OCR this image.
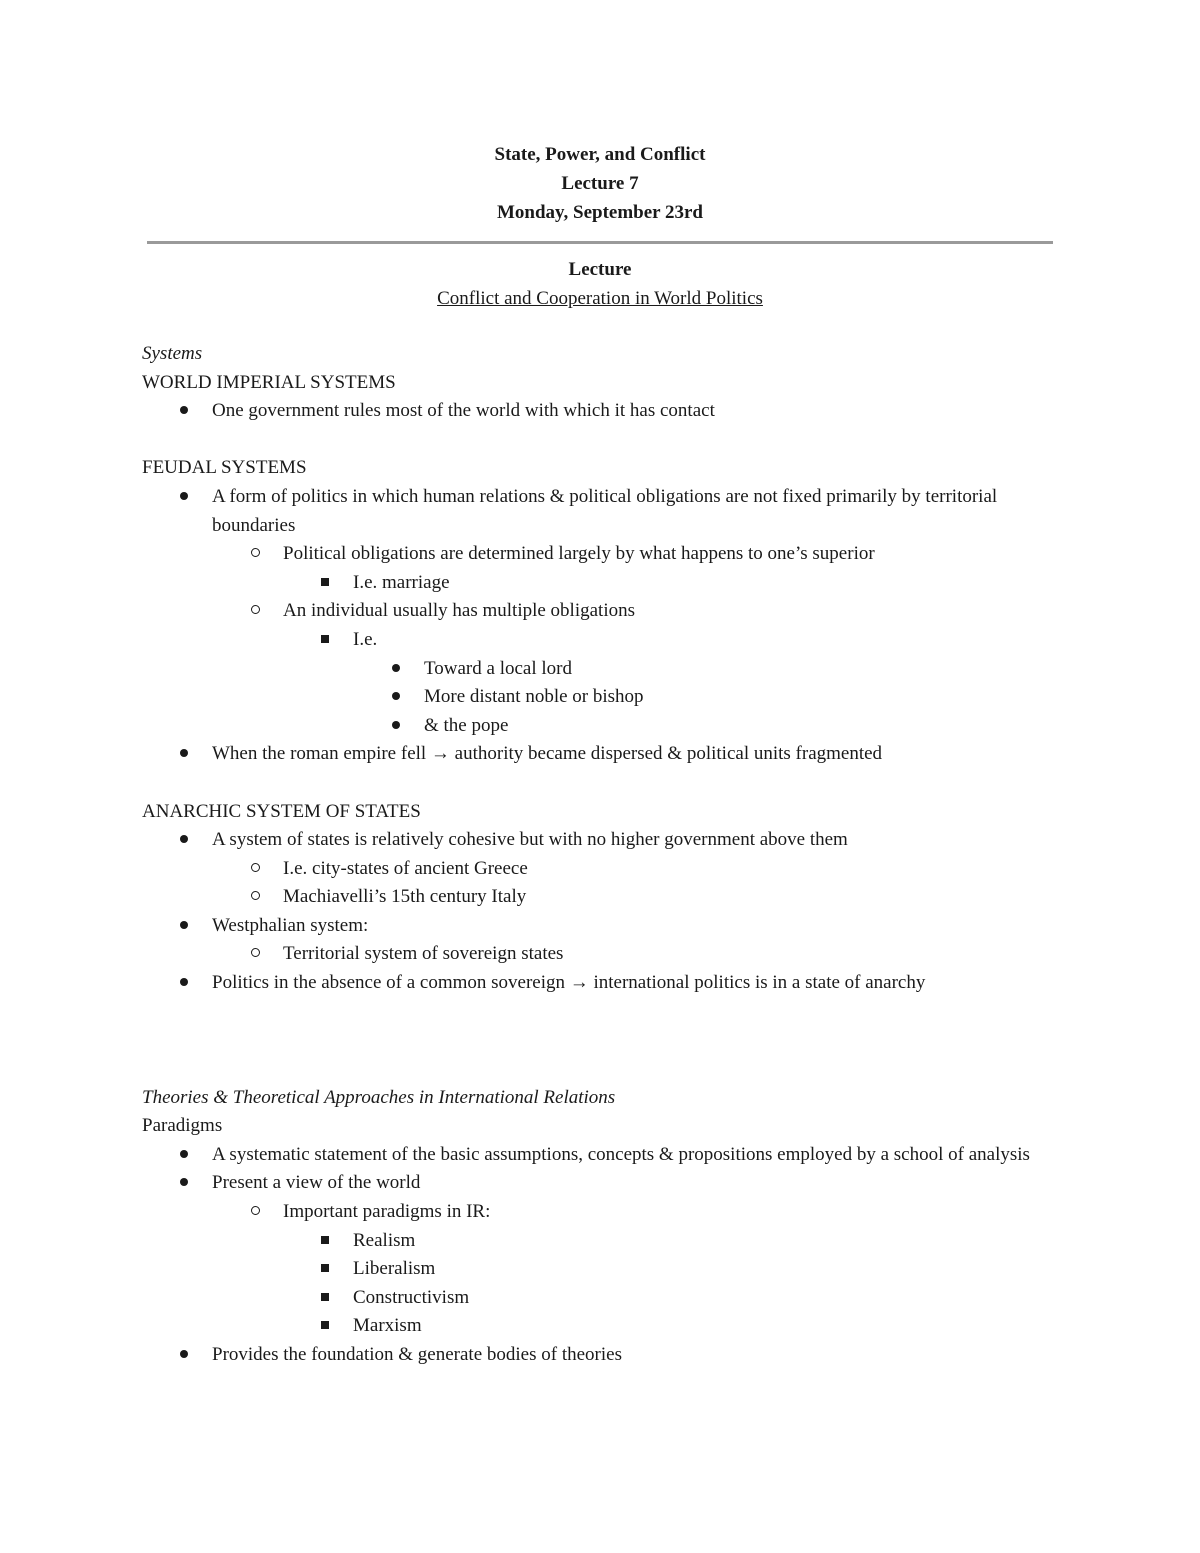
State, Power, and Conflict
Lecture 7
Monday, September 23rd
Lecture
Conflict and Cooperation in World Politics
Systems
WORLD IMPERIAL SYSTEMS
One government rules most of the world with which it has contact
FEUDAL SYSTEMS
A form of politics in which human relations & political obligations are not fixed primarily by territorial boundaries
Political obligations are determined largely by what happens to one’s superior
I.e. marriage
An individual usually has multiple obligations
I.e.
Toward a local lord
More distant noble or bishop
& the pope
When the roman empire fell → authority became dispersed & political units fragmented
ANARCHIC SYSTEM OF STATES
A system of states is relatively cohesive but with no higher government above them
I.e. city-states of ancient Greece
Machiavelli’s 15th century Italy
Westphalian system:
Territorial system of sovereign states
Politics in the absence of a common sovereign → international politics is in a state of anarchy
Theories & Theoretical Approaches in International Relations
Paradigms
A systematic statement of the basic assumptions, concepts & propositions employed by a school of analysis
Present a view of the world
Important paradigms in IR:
Realism
Liberalism
Constructivism
Marxism
Provides the foundation & generate bodies of theories
